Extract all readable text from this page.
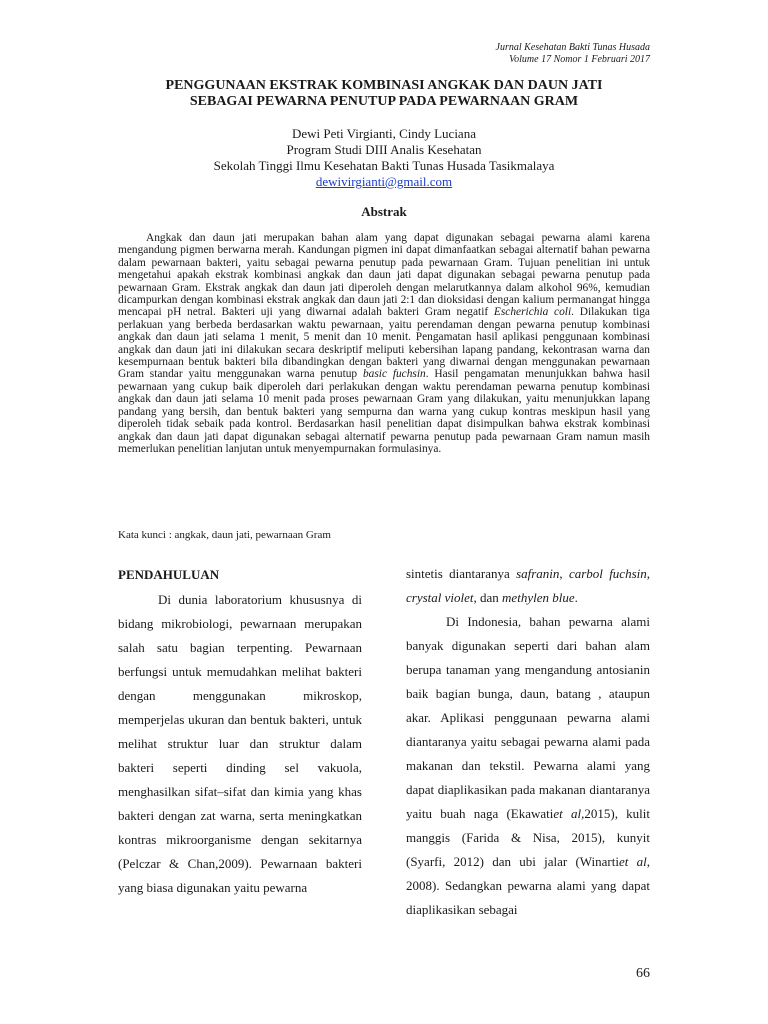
Jurnal Kesehatan Bakti Tunas Husada
Volume 17 Nomor 1 Februari 2017
PENGGUNAAN EKSTRAK KOMBINASI ANGKAK DAN DAUN JATI
SEBAGAI PEWARNA PENUTUP PADA PEWARNAAN GRAM
Dewi Peti Virgianti, Cindy Luciana
Program Studi DIII Analis Kesehatan
Sekolah Tinggi Ilmu Kesehatan Bakti Tunas Husada Tasikmalaya
dewivirgianti@gmail.com
Abstrak

Angkak dan daun jati merupakan bahan alam yang dapat digunakan sebagai pewarna alami karena mengandung pigmen berwarna merah. Kandungan pigmen ini dapat dimanfaatkan sebagai alternatif bahan pewarna dalam pewarnaan bakteri, yaitu sebagai pewarna penutup pada pewarnaan Gram. Tujuan penelitian ini untuk mengetahui apakah ekstrak kombinasi angkak dan daun jati dapat digunakan sebagai pewarna penutup pada pewarnaan Gram. Ekstrak angkak dan daun jati diperoleh dengan melarutkannya dalam alkohol 96%, kemudian dicampurkan dengan kombinasi ekstrak angkak dan daun jati 2:1 dan dioksidasi dengan kalium permanangat hingga mencapai pH netral. Bakteri uji yang diwarnai adalah bakteri Gram negatif Escherichia coli. Dilakukan tiga perlakuan yang berbeda berdasarkan waktu pewarnaan, yaitu perendaman dengan pewarna penutup kombinasi angkak dan daun jati selama 1 menit, 5 menit dan 10 menit. Pengamatan hasil aplikasi penggunaan kombinasi angkak dan daun jati ini dilakukan secara deskriptif meliputi kebersihan lapang pandang, kekontrasan warna dan kesempurnaan bentuk bakteri bila dibandingkan dengan bakteri yang diwarnai dengan menggunakan pewarnaan Gram standar yaitu menggunakan warna penutup basic fuchsin. Hasil pengamatan menunjukkan bahwa hasil pewarnaan yang cukup baik diperoleh dari perlakukan dengan waktu perendaman pewarna penutup kombinasi angkak dan daun jati selama 10 menit pada proses pewarnaan Gram yang dilakukan, yaitu menunjukkan lapang pandang yang bersih, dan bentuk bakteri yang sempurna dan warna yang cukup kontras meskipun hasil yang diperoleh tidak sebaik pada kontrol. Berdasarkan hasil penelitian dapat disimpulkan bahwa ekstrak kombinasi angkak dan daun jati dapat digunakan sebagai alternatif pewarna penutup pada pewarnaan Gram namun masih memerlukan penelitian lanjutan untuk menyempurnakan formulasinya.

Kata kunci : angkak, daun jati, pewarnaan Gram

PENDAHULUAN

Di dunia laboratorium khususnya di bidang mikrobiologi, pewarnaan merupakan salah satu bagian terpenting. Pewarnaan berfungsi untuk memudahkan melihat bakteri dengan menggunakan mikroskop, memperjelas ukuran dan bentuk bakteri, untuk melihat struktur luar dan struktur dalam bakteri seperti dinding sel vakuola, menghasilkan sifat–sifat dan kimia yang khas bakteri dengan zat warna, serta meningkatkan kontras mikroorganisme dengan sekitarnya (Pelczar & Chan,2009). Pewarnaan bakteri yang biasa digunakan yaitu pewarna

sintetis diantaranya safranin, carbol fuchsin, crystal violet, dan methylen blue.

Di Indonesia, bahan pewarna alami banyak digunakan seperti dari bahan alam berupa tanaman yang mengandung antosianin baik bagian bunga, daun, batang , ataupun akar. Aplikasi penggunaan pewarna alami diantaranya yaitu sebagai pewarna alami pada makanan dan tekstil. Pewarna alami yang dapat diaplikasikan pada makanan diantaranya yaitu buah naga (Ekawatiet al,2015), kulit manggis (Farida & Nisa, 2015), kunyit (Syarfi, 2012) dan ubi jalar (Winartiet al, 2008). Sedangkan pewarna alami yang dapat diaplikasikan sebagai

66
